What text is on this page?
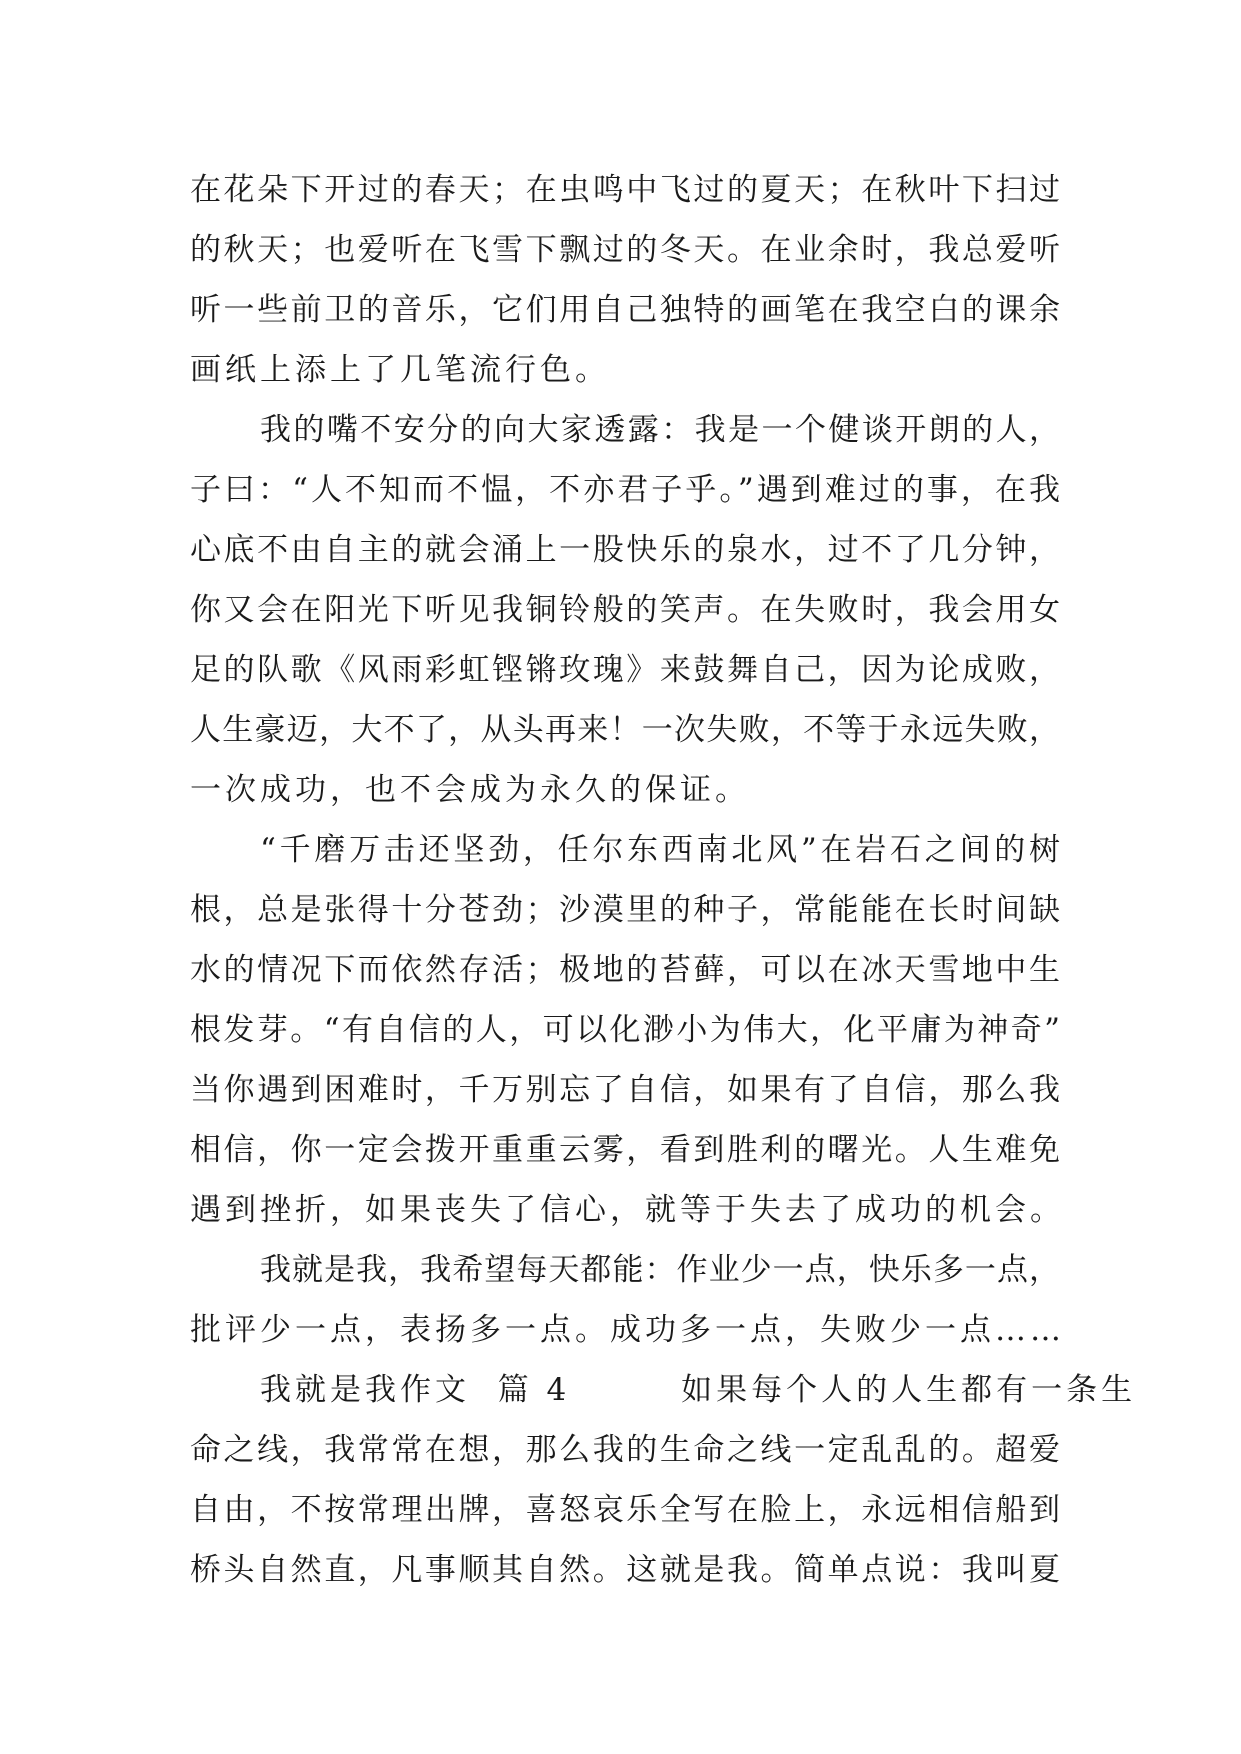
在花朵下开过的春天；在虫鸣中飞过的夏天；在秋叶下扫过
的秋天；也爱听在飞雪下飘过的冬天。在业余时，我总爱听
听一些前卫的音乐，它们用自己独特的画笔在我空白的课余
画纸上添上了几笔流行色。
我的嘴不安分的向大家透露：我是一个健谈开朗的人，
子曰：“人不知而不愠，不亦君子乎。”遇到难过的事，在我
心底不由自主的就会涌上一股快乐的泉水，过不了几分钟，
你又会在阳光下听见我铜铃般的笑声。在失败时，我会用女
足的队歌《风雨彩虹铿锵玫瑰》来鼓舞自己，因为论成败，
人生豪迈，大不了，从头再来！一次失败，不等于永远失败，
一次成功，也不会成为永久的保证。
“千磨万击还坚劲，任尔东西南北风”在岩石之间的树
根，总是张得十分苍劲；沙漠里的种子，常能能在长时间缺
水的情况下而依然存活；极地的苔藓，可以在冰天雪地中生
根发芽。“有自信的人，可以化渺小为伟大，化平庸为神奇”
当你遇到困难时，千万别忘了自信，如果有了自信，那么我
相信，你一定会拨开重重云雾，看到胜利的曙光。人生难免
遇到挫折，如果丧失了信心，就等于失去了成功的机会。
我就是我，我希望每天都能：作业少一点，快乐多一点，
批评少一点，表扬多一点。成功多一点，失败少一点……
我就是我作文  篇 4        如果每个人的人生都有一条生
命之线，我常常在想，那么我的生命之线一定乱乱的。超爱
自由，不按常理出牌，喜怒哀乐全写在脸上，永远相信船到
桥头自然直，凡事顺其自然。这就是我。简单点说：我叫夏
